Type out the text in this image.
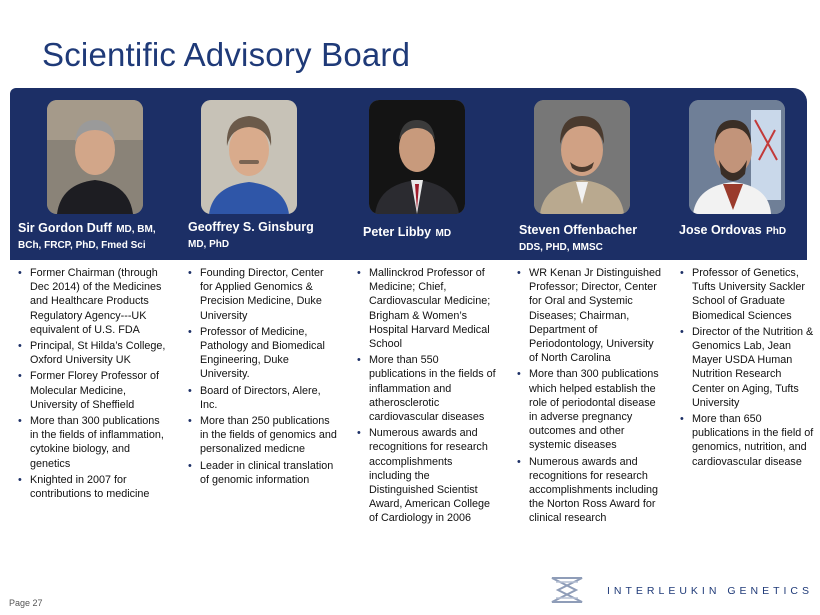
Scientific Advisory Board
Sir Gordon Duff MD, BM,
BCh, FRCP, PhD, Fmed Sci
Geoffrey S. Ginsburg
MD, PhD
Peter Libby MD	Steven Offenbacher
DDS, PHD, MMSC
Jose Ordovas PhD
• Former Chairman (through Dec 2014) of the Medicines and Healthcare Products Regulatory Agency---UK equivalent of U.S. FDA
• Principal, St Hilda’s College, Oxford University UK
• Former Florey Professor of Molecular Medicine, University of Sheffield
• More than 300 publications in the fields of inflammation, cytokine biology, and genetics
• Knighted in 2007 for contributions to medicine
• Founding Director, Center for Applied Genomics & Precision Medicine, Duke University
• Professor of Medicine, Pathology and Biomedical Engineering, Duke University.
• Board of Directors, Alere, Inc.
• More than 250 publications in the fields of genomics and personalized medicne
• Leader in clinical translation of genomic information
• Mallinckrod Professor of Medicine; Chief, Cardiovascular Medicine; Brigham & Women’s Hospital Harvard Medical School
• More than 550 publications in the fields of inflammation and atherosclerotic cardiovascular diseases
• Numerous awards and recognitions for research accomplishments including the Distinguished Scientist Award, American College of Cardiology in 2006
• WR Kenan Jr Distinguished Professor; Director, Center for Oral and Systemic Diseases; Chairman, Department of Periodontology, University of North Carolina
• More than 300 publications which helped establish the role of periodontal disease in adverse pregnancy outcomes and other systemic diseases
• Numerous awards and recognitions for research accomplishments including the Norton Ross Award for clinical research
• Professor of Genetics, Tufts University Sackler School of Graduate Biomedical Sciences
• Director of the Nutrition & Genomics Lab, Jean Mayer USDA Human Nutrition Research Center on Aging, Tufts University
• More than 650 publications in the field of genomics, nutrition, and cardiovascular disease
Page 27
INTERLEUKIN GENETICS
